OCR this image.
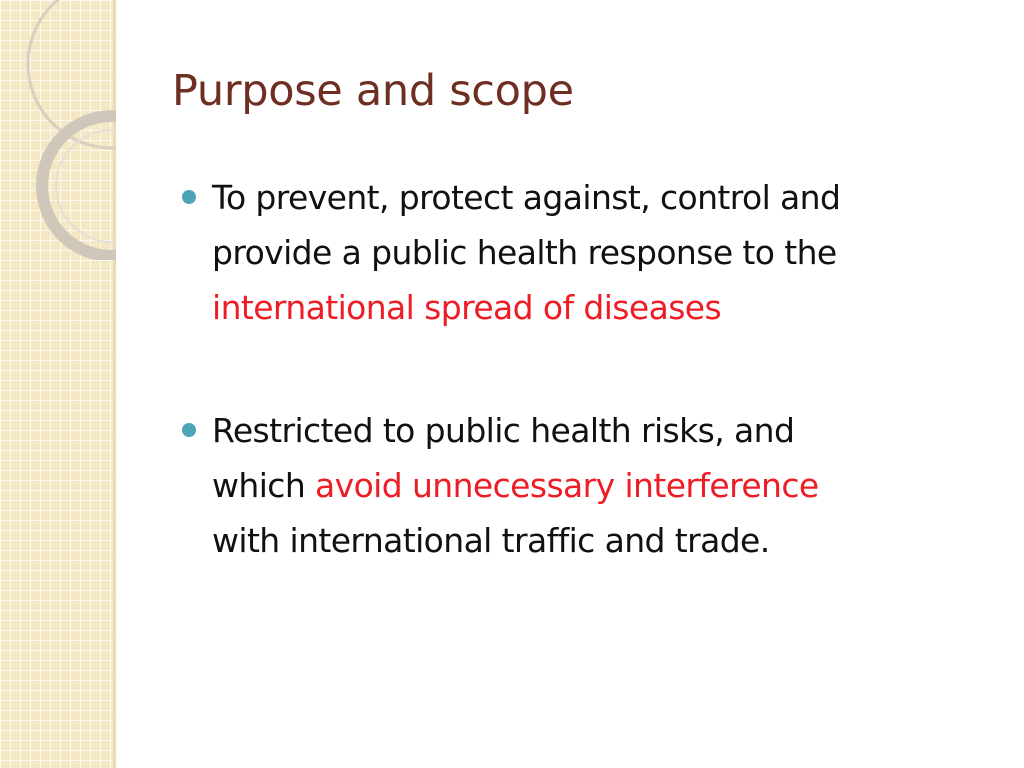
Purpose and scope
To prevent, protect against, control and
provide a public health response to the
international spread of diseases
Restricted to public health risks, and
which avoid unnecessary interference
with international traffic and trade.
